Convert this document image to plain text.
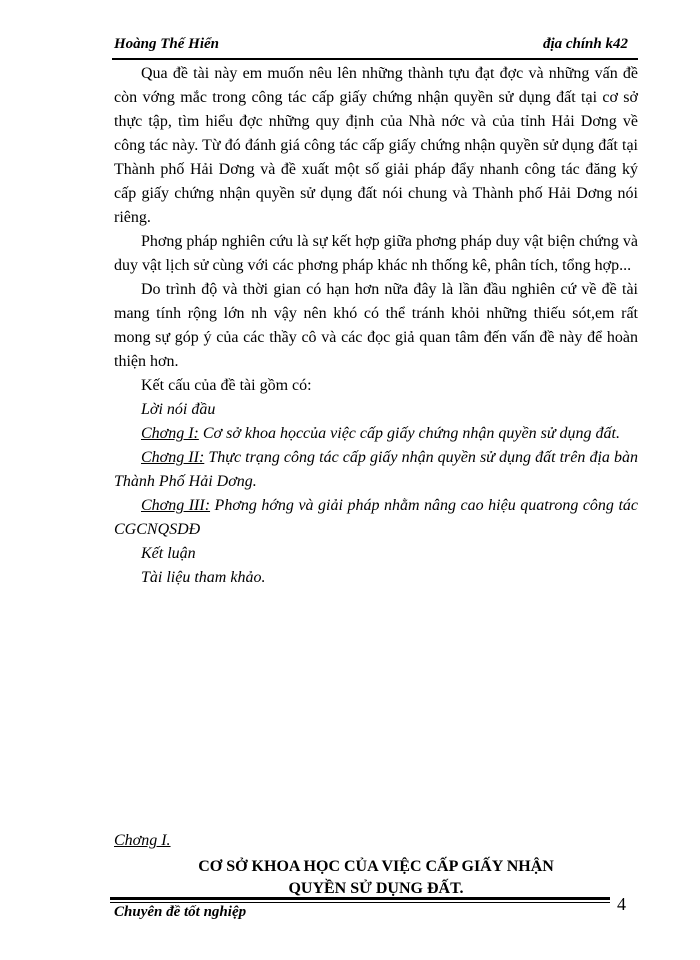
Hoàng Thế Hiển	địa chính k42

Qua đề tài này em muốn nêu lên những thành tựu đạt đợc và những vấn đề còn vớng mắc trong công tác cấp giấy chứng nhận quyền sử dụng đất tại cơ sở thực tập, tìm hiểu đợc những quy định của Nhà nớc và của tỉnh Hải Dơng về công tác này. Từ đó đánh giá công tác cấp giấy chứng nhận quyền sử dụng đất tại Thành phố Hải Dơng và đề xuất một số giải pháp đẩy nhanh công tác đăng ký cấp giấy chứng nhận quyền sử dụng đất nói chung và Thành phố Hải Dơng nói riêng.

Phơng pháp nghiên cứu là sự kết hợp giữa phơng pháp duy vật biện chứng và duy vật lịch sử cùng với các phơng pháp khác nh thống kê, phân tích, tổng hợp...

Do trình độ và thời gian có hạn hơn nữa đây là lần đầu nghiên cứ về đề tài mang tính rộng lớn nh vậy nên khó có thể tránh khỏi những thiếu sót,em rất mong sự góp ý của các thầy cô và các đọc giả quan tâm đến vấn đề này để hoàn thiện hơn.

Kết cấu của đề tài gồm có:

Lời nói đầu

Chơng I: Cơ sở khoa họccủa việc cấp giấy chứng nhận quyền sử dụng đất.

Chơng II: Thực trạng công tác cấp giấy nhận quyền sử dụng đất trên địa bàn Thành Phố Hải Dơng.

Chơng III: Phơng hớng và giải pháp nhằm nâng cao hiệu quatrong công tác CGCNQSDĐ

Kết luận

Tài liệu tham khảo.

Chơng I.
CƠ SỞ KHOA HỌC CỦA VIỆC CẤP GIẤY NHẬN
QUYỀN SỬ DỤNG ĐẤT.
Chuyên đề tốt nghiệp	4
